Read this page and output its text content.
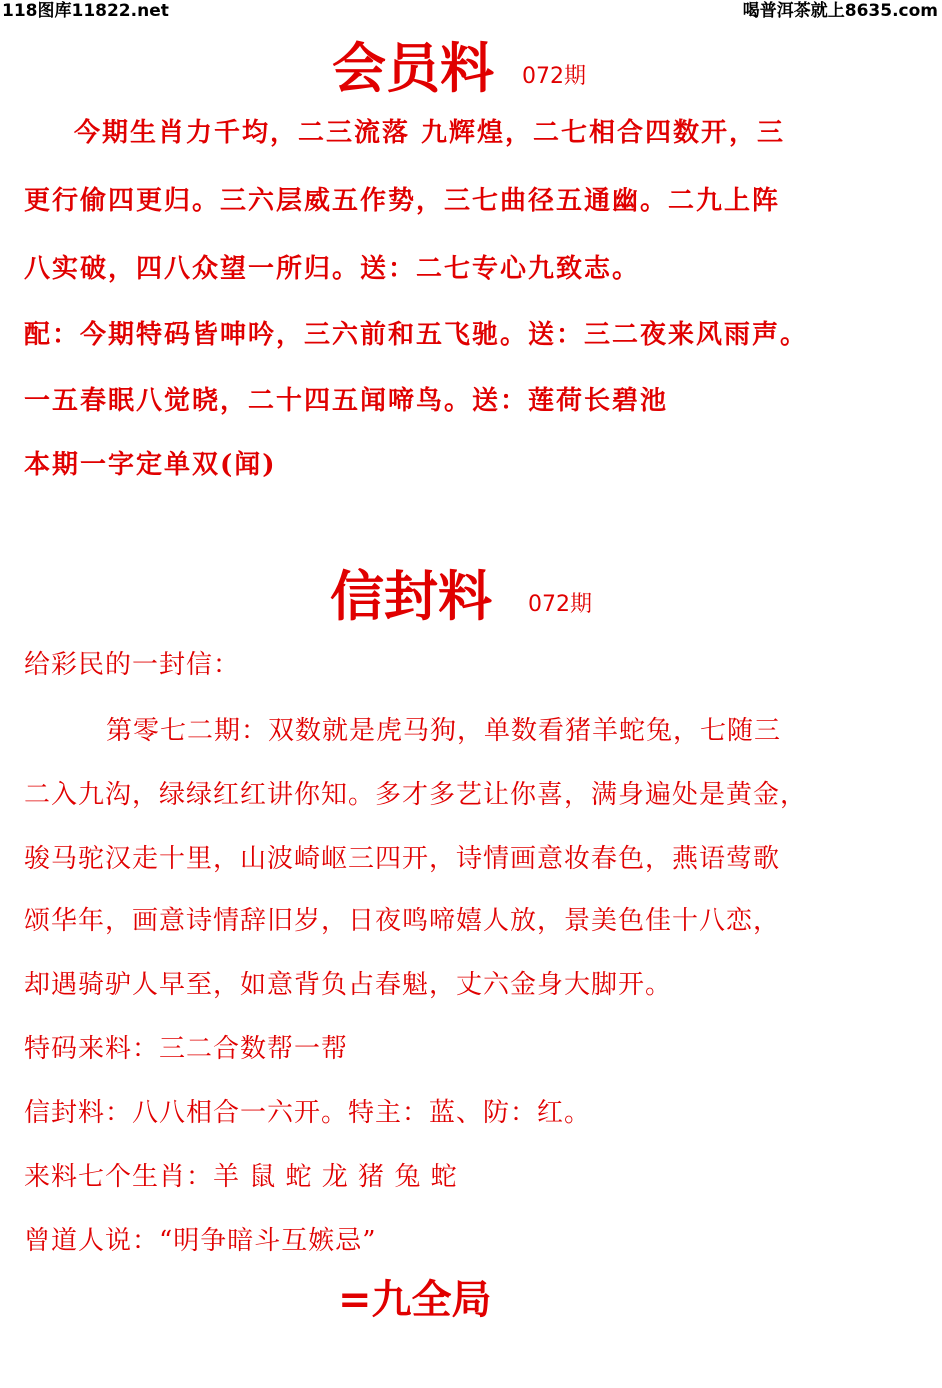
118图库11822.net	喝普洱茶就上8635.com
会员料 072期
今期生肖力千均，二三流落 九辉煌，二七相合四数开，三
更行偷四更归。三六层威五作势，三七曲径五通幽。二九上阵
八实破，四八众望一所归。送：二七专心九致志。
配：今期特码皆呻吟，三六前和五飞驰。送：三二夜来风雨声。
一五春眠八觉晓，二十四五闻啼鸟。送：莲荷长碧池
本期一字定单双(闻)
信封料 072期
给彩民的一封信：
第零七二期：双数就是虎马狗，单数看猪羊蛇兔，七随三
二入九沟，绿绿红红讲你知。多才多艺让你喜，满身遍处是黄金，
骏马驼汉走十里，山波崎岖三四开，诗情画意妆春色，燕语莺歌
颂华年，画意诗情辞旧岁，日夜鸣啼嬉人放，景美色佳十八恋，
却遇骑驴人早至，如意背负占春魁，丈六金身大脚开。
特码来料：三二合数帮一帮
信封料：八八相合一六开。特主：蓝、防：红。
来料七个生肖：羊 鼠 蛇 龙 猪 兔 蛇
曾道人说：“明争暗斗互嫉忌”
=九全局
